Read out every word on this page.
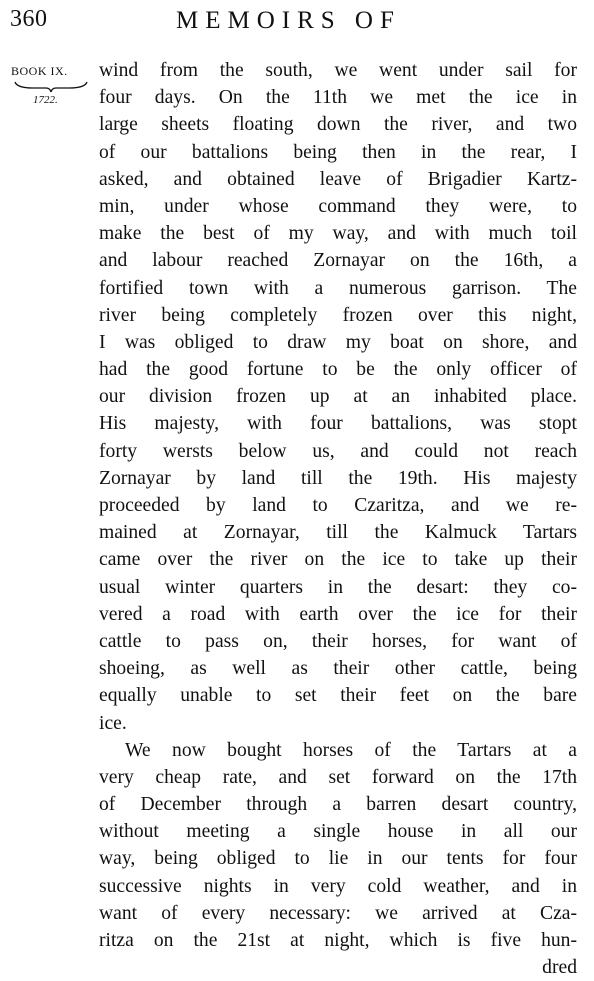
360	MEMOIRS OF
BOOK IX.
1722.
wind from the south, we went under sail for
four days. On the 11th we met the ice in
large sheets floating down the river, and two
of our battalions being then in the rear, I
asked, and obtained leave of Brigadier Kartz-
min, under whose command they were, to
make the best of my way, and with much toil
and labour reached Zornayar on the 16th, a
fortified town with a numerous garrison. The
river being completely frozen over this night,
I was obliged to draw my boat on shore, and
had the good fortune to be the only officer of
our division frozen up at an inhabited place.
His majesty, with four battalions, was stopt
forty wersts below us, and could not reach
Zornayar by land till the 19th. His majesty
proceeded by land to Czaritza, and we re-
mained at Zornayar, till the Kalmuck Tartars
came over the river on the ice to take up their
usual winter quarters in the desart: they co-
vered a road with earth over the ice for their
cattle to pass on, their horses, for want of
shoeing, as well as their other cattle, being
equally unable to set their feet on the bare
ice.
We now bought horses of the Tartars at a
very cheap rate, and set forward on the 17th
of December through a barren desart country,
without meeting a single house in all our
way, being obliged to lie in our tents for four
successive nights in very cold weather, and in
want of every necessary: we arrived at Cza-
ritza on the 21st at night, which is five hun-
dred
